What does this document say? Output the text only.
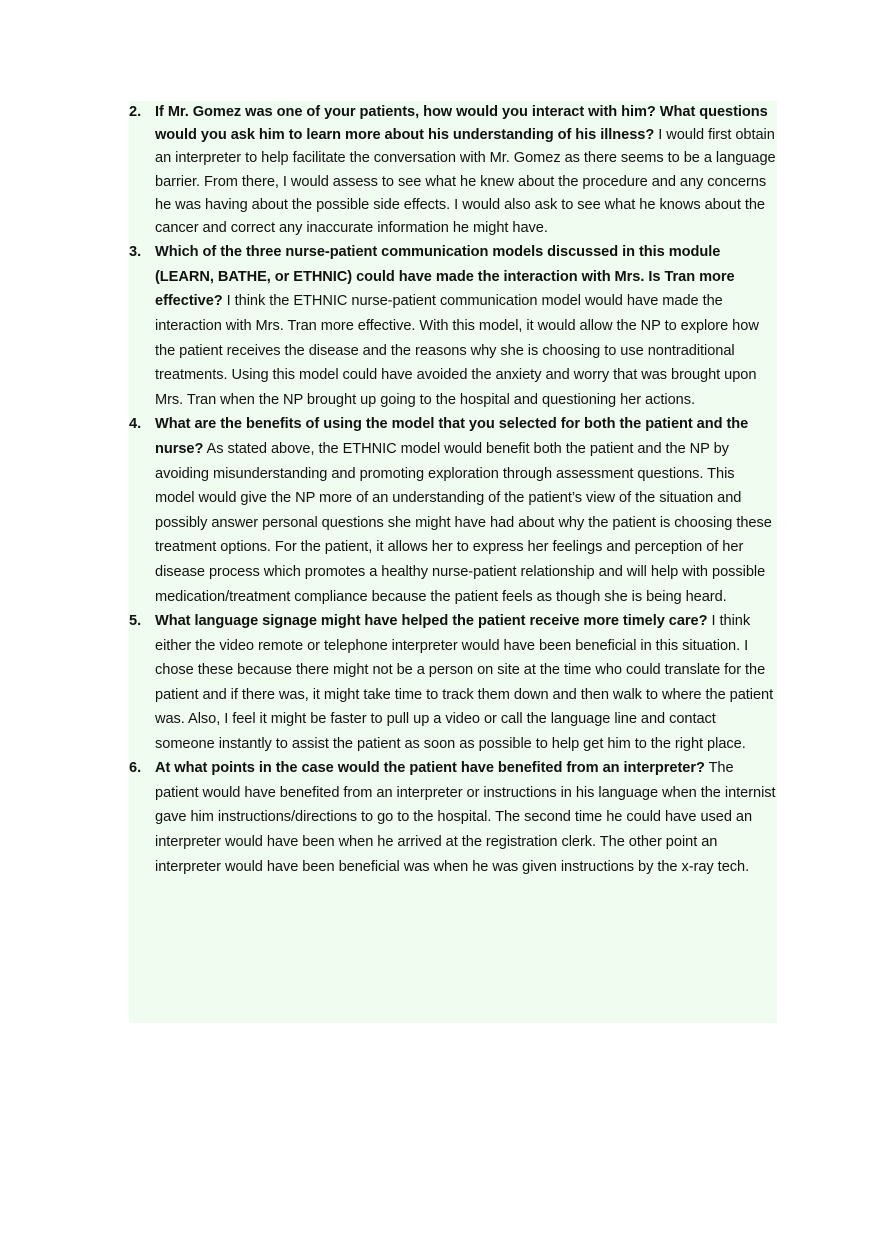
2. If Mr. Gomez was one of your patients, how would you interact with him? What questions would you ask him to learn more about his understanding of his illness? I would first obtain an interpreter to help facilitate the conversation with Mr. Gomez as there seems to be a language barrier. From there, I would assess to see what he knew about the procedure and any concerns he was having about the possible side effects. I would also ask to see what he knows about the cancer and correct any inaccurate information he might have.
3. Which of the three nurse-patient communication models discussed in this module (LEARN, BATHE, or ETHNIC) could have made the interaction with Mrs. Is Tran more effective? I think the ETHNIC nurse-patient communication model would have made the interaction with Mrs. Tran more effective. With this model, it would allow the NP to explore how the patient receives the disease and the reasons why she is choosing to use nontraditional treatments. Using this model could have avoided the anxiety and worry that was brought upon Mrs. Tran when the NP brought up going to the hospital and questioning her actions.
4. What are the benefits of using the model that you selected for both the patient and the nurse? As stated above, the ETHNIC model would benefit both the patient and the NP by avoiding misunderstanding and promoting exploration through assessment questions. This model would give the NP more of an understanding of the patient’s view of the situation and possibly answer personal questions she might have had about why the patient is choosing these treatment options. For the patient, it allows her to express her feelings and perception of her disease process which promotes a healthy nurse-patient relationship and will help with possible medication/treatment compliance because the patient feels as though she is being heard.
5. What language signage might have helped the patient receive more timely care? I think either the video remote or telephone interpreter would have been beneficial in this situation. I chose these because there might not be a person on site at the time who could translate for the patient and if there was, it might take time to track them down and then walk to where the patient was. Also, I feel it might be faster to pull up a video or call the language line and contact someone instantly to assist the patient as soon as possible to help get him to the right place.
6. At what points in the case would the patient have benefited from an interpreter? The patient would have benefited from an interpreter or instructions in his language when the internist gave him instructions/directions to go to the hospital. The second time he could have used an interpreter would have been when he arrived at the registration clerk. The other point an interpreter would have been beneficial was when he was given instructions by the x-ray tech.
